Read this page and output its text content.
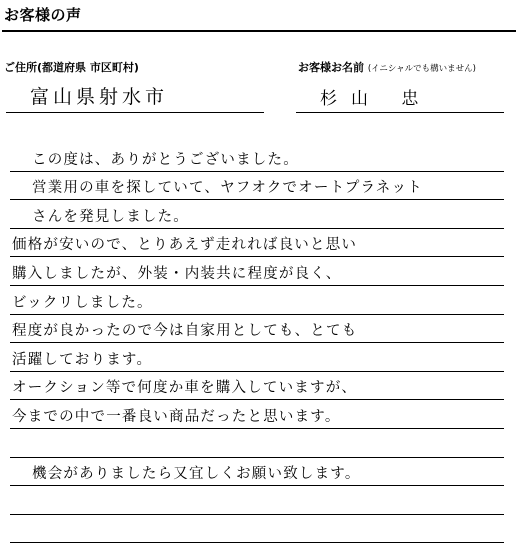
お客様の声
ご住所(都道府県 市区町村)
富山県射水市
お客様お名前 (イニシャルでも構いません)
杉山 忠
この度は、ありがとうございました。
営業用の車を探していて、ヤフオクでオートプラネット
さんを発見しました。
価格が安いので、とりあえず走れれば良いと思い
購入しましたが、外装・内装共に程度が良く、
ビックリしました。
程度が良かったので今は自家用としても、とても
活躍しております。
オークション等で何度か車を購入していますが、
今までの中で一番良い商品だったと思います。
機会がありましたら又宜しくお願い致します。
